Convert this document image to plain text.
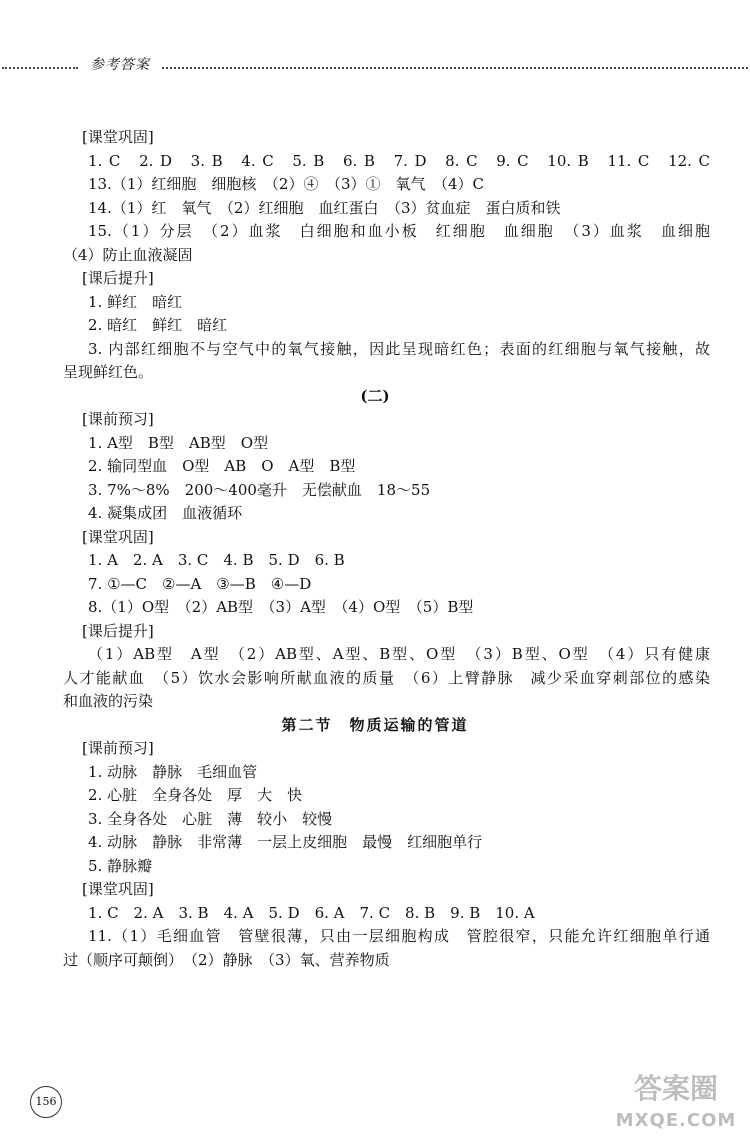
参考答案
[课堂巩固]
1. C　2. D　3. B　4. C　5. B　6. B　7. D　8. C　9. C　10. B　11. C　12. C
13.（1）红细胞　细胞核　（2）④　（3）①　氧气　（4）C
14.（1）红　氧气　（2）红细胞　血红蛋白　（3）贫血症　蛋白质和铁
15.（1）分层　（2）血浆　白细胞和血小板　红细胞　血细胞　（3）血浆　血细胞
（4）防止血液凝固
[课后提升]
1. 鲜红　暗红
2. 暗红　鲜红　暗红
3. 内部红细胞不与空气中的氧气接触，因此呈现暗红色；表面的红细胞与氧气接触，故
呈现鲜红色。
(二)
[课前预习]
1. A型　B型　AB型　O型
2. 输同型血　O型　AB　O　A型　B型
3. 7%～8%　200～400毫升　无偿献血　18～55
4. 凝集成团　血液循环
[课堂巩固]
1. A　2. A　3. C　4. B　5. D　6. B
7. ①—C　②—A　③—B　④—D
8.（1）O型　（2）AB型　（3）A型　（4）O型　（5）B型
[课后提升]
（1）AB型　A型　（2）AB型、A型、B型、O型　（3）B型、O型　（4）只有健康
人才能献血　（5）饮水会影响所献血液的质量　（6）上臂静脉　减少采血穿刺部位的感染
和血液的污染
第二节　物质运输的管道
[课前预习]
1. 动脉　静脉　毛细血管
2. 心脏　全身各处　厚　大　快
3. 全身各处　心脏　薄　较小　较慢
4. 动脉　静脉　非常薄　一层上皮细胞　最慢　红细胞单行
5. 静脉瓣
[课堂巩固]
1. C　2. A　3. B　4. A　5. D　6. A　7. C　8. B　9. B　10. A
11.（1）毛细血管　管壁很薄，只由一层细胞构成　管腔很窄，只能允许红细胞单行通
过（顺序可颠倒）　（2）静脉　（3）氧、营养物质
156	答案圈
MXQE.COM
